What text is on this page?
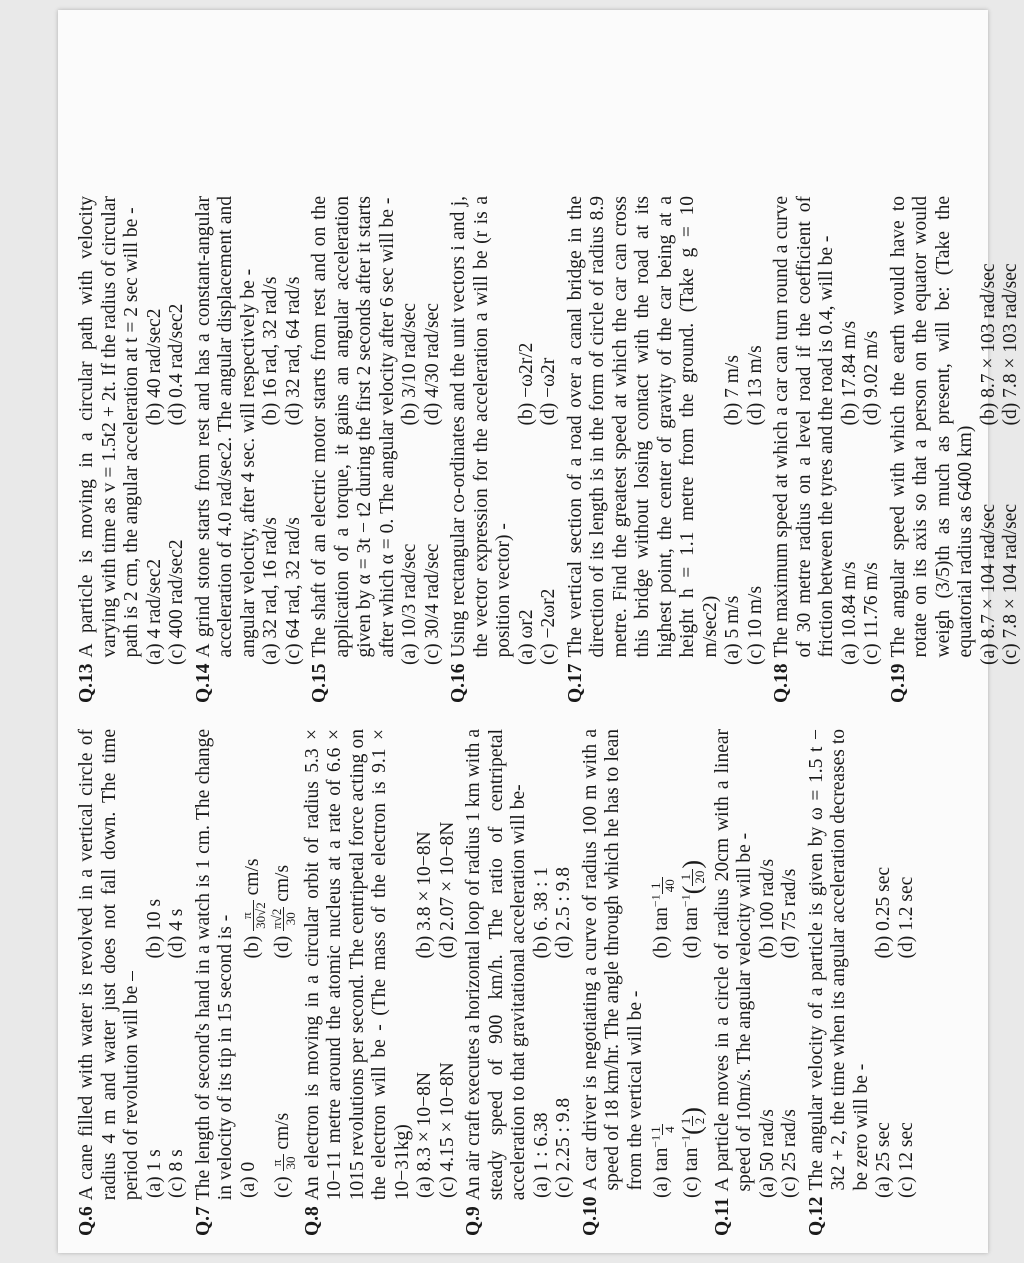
Q.6
A cane filled with water is revolved in a vertical circle of radius 4 m and water just does not fall down. The time period of revolution will be – (a) 1 s
(b) 10 s
(c) 8 s
(d) 4 s
Q.7
The length of second's hand in a watch is 1 cm. The change in velocity of its tip in 15 second is - (a) 0
(b)
π 30√2
cm/s
(c)
π 30
cm/s
(d)
π√2 30
cm/s
Q.8
An electron is moving in a circular orbit of radius 5.3 × 10−11 metre around the atomic nucleus at a rate of 6.6 × 1015 revolutions per second. The centripetal force acting on the electron will be - (The mass of the electron is 9.1 × 10−31kg) (a) 8.3 × 10−8N
(b) 3.8 × 10−8N
(c) 4.15 × 10−8N
(d) 2.07 × 10−8N
Q.9
An air craft executes a horizontal loop of radius 1 km with a steady speed of 900 km/h. The ratio of centripetal acceleration to that gravitational acceleration will be- (a) 1 : 6.38
(b) 6. 38 : 1
(c) 2.25 : 9.8
(d) 2.5 : 9.8
Q.10
A car driver is negotiating a curve of radius 100 m with a speed of 18 km/hr. The angle through which he has to lean from the vertical will be - (a) $\tan^{-1}$
1 4
(b) $\tan^{-1}$
1 40
(c) $\tan^{-1}$(
1 2
)
(d) $\tan^{-1}$(
1 20
)
Q.11
A particle moves in a circle of radius 20cm with a linear speed of 10m/s. The angular velocity will be - (a) 50 rad/s
(b) 100 rad/s
(c) 25 rad/s
(d) 75 rad/s
Q.12
The angular velocity of a particle is given by ω = 1.5 t − 3t2 + 2, the time when its angular acceleration decreases to be zero will be - (a) 25 sec
(b) 0.25 sec
(c) 12 sec
(d) 1.2 sec
Q.13
A particle is moving in a circular path with velocity varying with time as v = 1.5t2 + 2t. If the radius of circular path is 2 cm, the angular acceleration at t = 2 sec will be - (a) 4 rad/sec2
(b) 40 rad/sec2
(c) 400 rad/sec2
(d) 0.4 rad/sec2
Q.14
A grind stone starts from rest and has a constant-angular acceleration of 4.0 rad/sec2. The angular displacement and angular velocity, after 4 sec. will respectively be - (a) 32 rad, 16 rad/s
(b) 16 rad, 32 rad/s
(c) 64 rad, 32 rad/s
(d) 32 rad, 64 rad/s
Q.15
The shaft of an electric motor starts from rest and on the application of a torque, it gains an angular acceleration given by α = 3t − t2 during the first 2 seconds after it starts after which α = 0. The angular velocity after 6 sec will be - (a) 10/3 rad/sec
(b) 3/10 rad/sec
(c) 30/4 rad/sec
(d) 4/30 rad/sec
Q.16
Using rectangular co-ordinates and the unit vectors i and j, the vector expression for the acceleration a will be (r is a position vector) - (a) ωr2
(b) −ω2r/2
(c) −2ωr2
(d) −ω2r
Q.17
The vertical section of a road over a canal bridge in the direction of its length is in the form of circle of radius 8.9 metre. Find the greatest speed at which the car can cross this bridge without losing contact with the road at its highest point, the center of gravity of the car being at a height h = 1.1 metre from the ground. (Take g = 10 m/sec2) (a) 5 m/s
(b) 7 m/s
(c) 10 m/s
(d) 13 m/s
Q.18
The maximum speed at which a car can turn round a curve of 30 metre radius on a level road if the coefficient of friction between the tyres and the road is 0.4, will be - (a) 10.84 m/s
(b) 17.84 m/s
(c) 11.76 m/s
(d) 9.02 m/s
Q.19
The angular speed with which the earth would have to rotate on its axis so that a person on the equator would weigh (3/5)th as much as present, will be: (Take the equatorial radius as 6400 km) (a) 8.7 × 104 rad/sec
(b) 8.7 × 103 rad/sec
(c) 7.8 × 104 rad/sec
(d) 7.8 × 103 rad/sec
